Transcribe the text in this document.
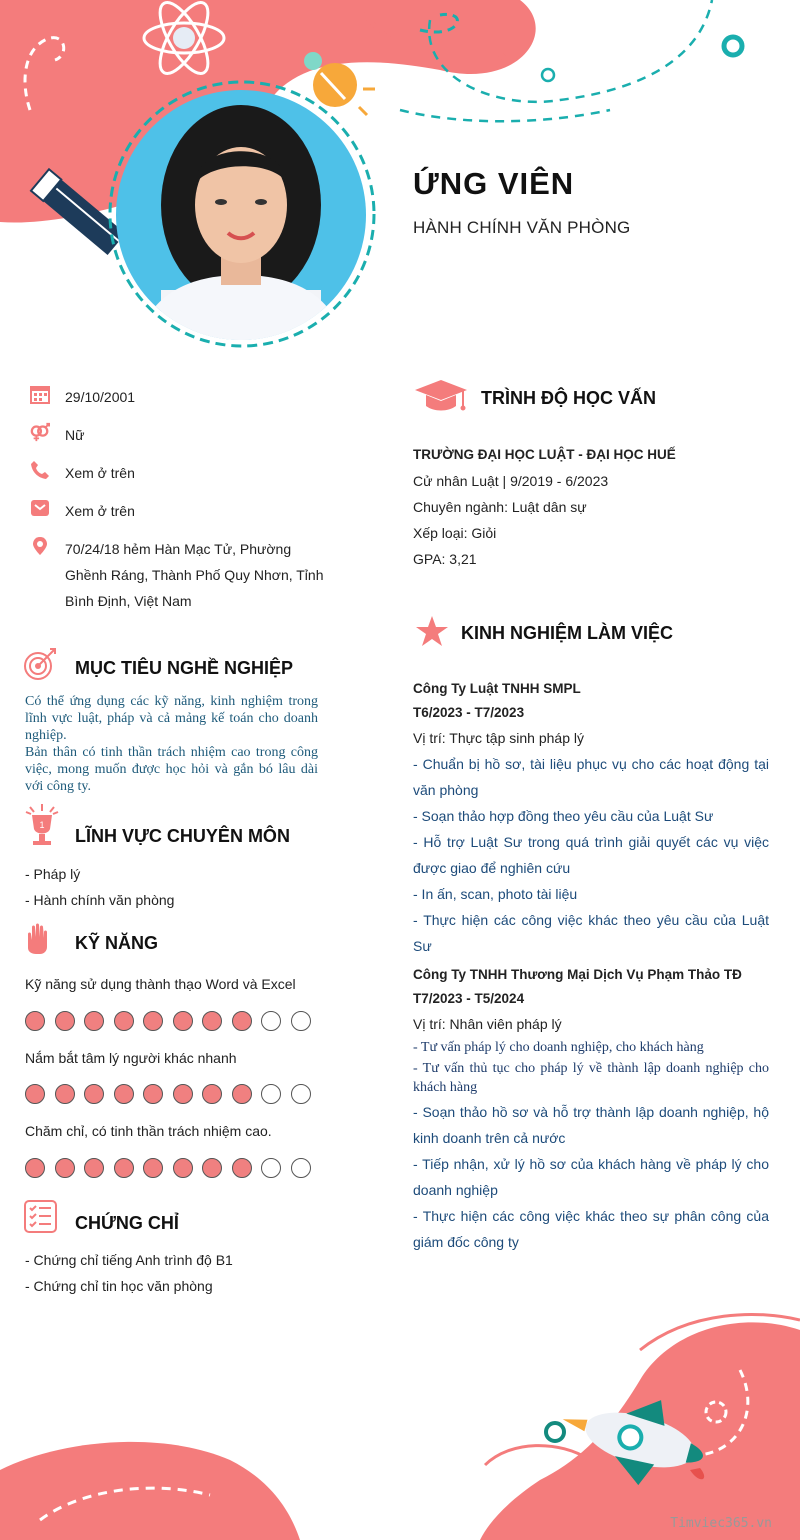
ỨNG VIÊN
HÀNH CHÍNH VĂN PHÒNG
29/10/2001
Nữ
Xem ở trên
Xem ở trên
70/24/18 hẻm Hàn Mạc Tử, Phường Ghềnh Ráng, Thành Phố Quy Nhơn, Tỉnh Bình Định, Việt Nam
MỤC TIÊU NGHỀ NGHIỆP

Có thể ứng dụng các kỹ năng, kinh nghiệm trong lĩnh vực luật, pháp và cả mảng kế toán cho doanh nghiệp.

Bản thân có tinh thần trách nhiệm cao trong công việc, mong muốn được học hỏi và gắn bó lâu dài với công ty.

1
LĨNH VỰC CHUYÊN MÔN
- Pháp lý
- Hành chính văn phòng
KỸ NĂNG
Kỹ năng sử dụng thành thạo Word và Excel
Nắm bắt tâm lý người khác nhanh
Chăm chỉ, có tinh thần trách nhiệm cao.
CHỨNG CHỈ
- Chứng chỉ tiếng Anh trình độ B1
- Chứng chỉ tin học văn phòng
TRÌNH ĐỘ HỌC VẤN
TRƯỜNG ĐẠI HỌC LUẬT - ĐẠI HỌC HUẾ
Cử nhân Luật | 9/2019 - 6/2023
Chuyên ngành: Luật dân sự
Xếp loại: Giỏi
GPA: 3,21
KINH NGHIỆM LÀM VIỆC
Công Ty Luật TNHH SMPL
T6/2023 - T7/2023
Vị trí: Thực tập sinh pháp lý
- Chuẩn bị hồ sơ, tài liệu phục vụ cho các hoạt động tại văn phòng
- Soạn thảo hợp đồng theo yêu cầu của Luật Sư
- Hỗ trợ Luật Sư trong quá trình giải quyết các vụ việc được giao để nghiên cứu
- In ấn, scan, photo tài liệu
- Thực hiện các công việc khác theo yêu cầu của Luật Sư
Công Ty TNHH Thương Mại Dịch Vụ Phạm Thảo TĐ
T7/2023 - T5/2024
Vị trí: Nhân viên pháp lý
- Tư vấn pháp lý cho doanh nghiệp, cho khách hàng
- Tư vấn thủ tục cho pháp lý về thành lập doanh nghiệp cho khách hàng
- Soạn thảo hồ sơ và hỗ trợ thành lập doanh nghiệp, hộ kinh doanh trên cả nước
- Tiếp nhận, xử lý hồ sơ của khách hàng về pháp lý cho doanh nghiệp
- Thực hiện các công việc khác theo sự phân công của giám đốc công ty
Timviec365.vn
